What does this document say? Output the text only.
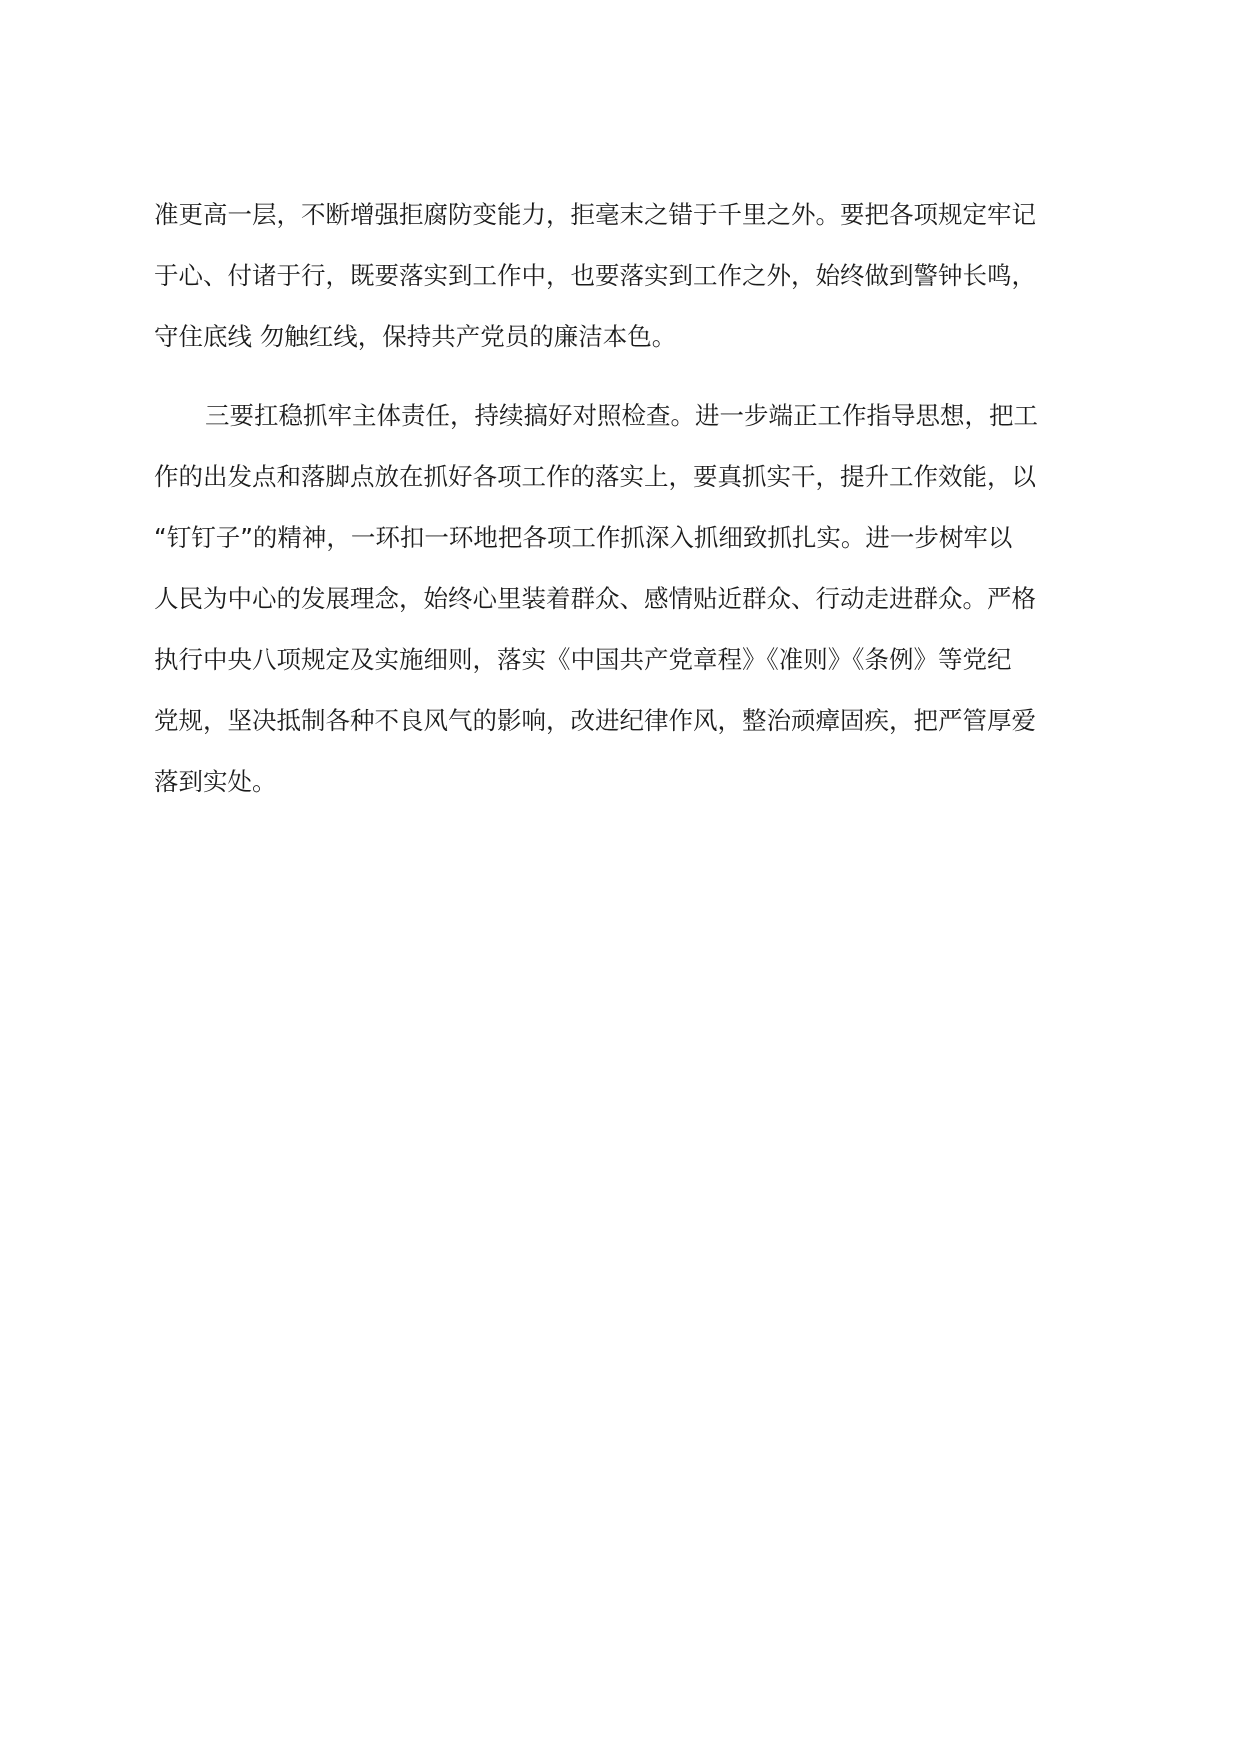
准更高一层，不断增强拒腐防变能力，拒毫末之错于千里之外。要把各项规定牢记
于心、付诸于行，既要落实到工作中，也要落实到工作之外，始终做到警钟长鸣，
守住底线 勿触红线，保持共产党员的廉洁本色。
三要扛稳抓牢主体责任，持续搞好对照检查。进一步端正工作指导思想，把工
作的出发点和落脚点放在抓好各项工作的落实上，要真抓实干，提升工作效能，以
“钉钉子”的精神，一环扣一环地把各项工作抓深入抓细致抓扎实。进一步树牢以
人民为中心的发展理念，始终心里装着群众、感情贴近群众、行动走进群众。严格
执行中央八项规定及实施细则，落实《中国共产党章程》《准则》《条例》等党纪
党规，坚决抵制各种不良风气的影响，改进纪律作风，整治顽瘴固疾，把严管厚爱
落到实处。
